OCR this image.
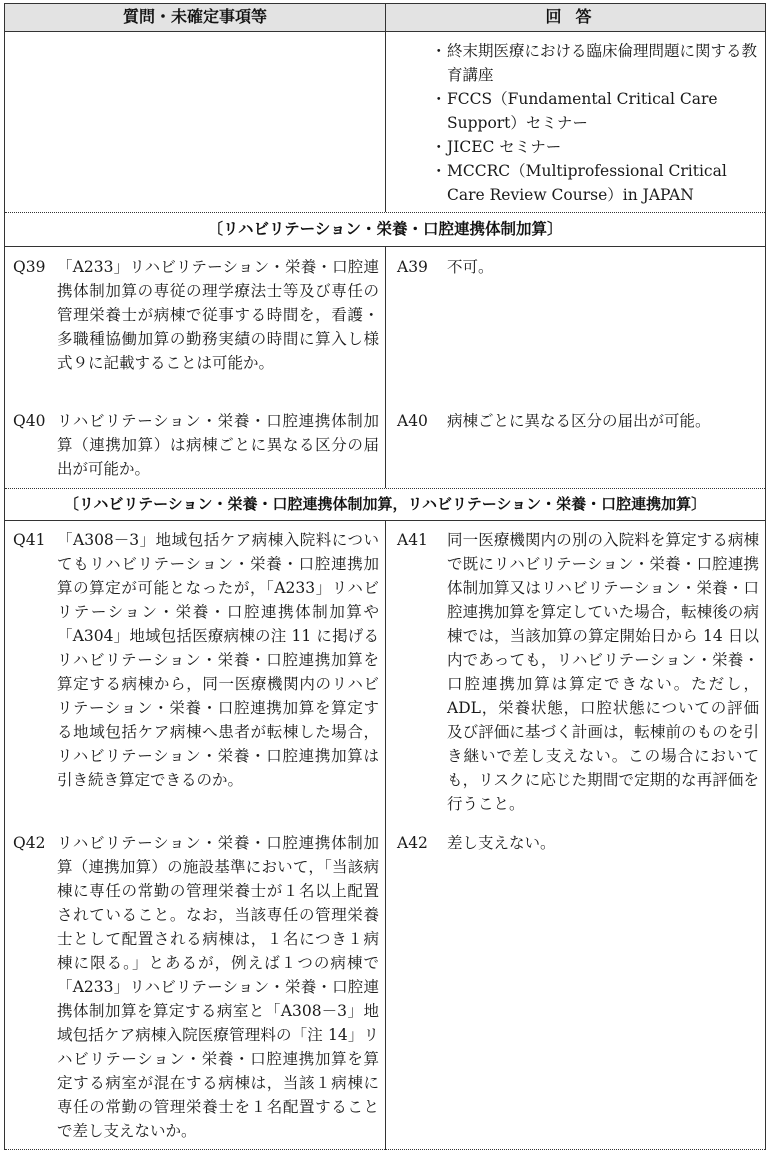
質問・未確定事項等	回答
・ 終末期医療における臨床倫理問題に関する教育講座
・ FCCS（Fundamental Critical Care Support）セミナー
・ JICEC セミナー
・ MCCRC（Multiprofessional Critical Care Review Course）in JAPAN
〔リハビリテーション・栄養・口腔連携体制加算〕
Q39 「A233」リハビリテーション・栄養・口腔連携体制加算の専従の理学療法士等及び専任の管理栄養士が病棟で従事する時間を，看護・多職種協働加算の勤務実績の時間に算入し様式９に記載することは可能か。
A39 不可。
Q40 リハビリテーション・栄養・口腔連携体制加算（連携加算）は病棟ごとに異なる区分の届出が可能か。
A40 病棟ごとに異なる区分の届出が可能。
〔リハビリテーション・栄養・口腔連携体制加算，リハビリテーション・栄養・口腔連携加算〕
Q41 「A308－3」地域包括ケア病棟入院料についてもリハビリテーション・栄養・口腔連携加算の算定が可能となったが，「A233」リハビリテーション・栄養・口腔連携体制加算や「A304」地域包括医療病棟の注 11 に掲げるリハビリテーション・栄養・口腔連携加算を算定する病棟から，同一医療機関内のリハビリテーション・栄養・口腔連携加算を算定する地域包括ケア病棟へ患者が転棟した場合，リハビリテーション・栄養・口腔連携加算は引き続き算定できるのか。
A41 同一医療機関内の別の入院料を算定する病棟で既にリハビリテーション・栄養・口腔連携体制加算又はリハビリテーション・栄養・口腔連携加算を算定していた場合，転棟後の病棟では，当該加算の算定開始日から 14 日以内であっても，リハビリテーション・栄養・口腔連携加算は算定できない。ただし，ADL，栄養状態，口腔状態についての評価及び評価に基づく計画は，転棟前のものを引き継いで差し支えない。この場合においても，リスクに応じた期間で定期的な再評価を行うこと。
Q42 リハビリテーション・栄養・口腔連携体制加算（連携加算）の施設基準において，「当該病棟に専任の常勤の管理栄養士が１名以上配置されていること。なお，当該専任の管理栄養士として配置される病棟は，１名につき１病棟に限る。」とあるが，例えば１つの病棟で「A233」リハビリテーション・栄養・口腔連携体制加算を算定する病室と「A308－3」地域包括ケア病棟入院医療管理料の「注 14」リハビリテーション・栄養・口腔連携加算を算定する病室が混在する病棟は，当該１病棟に専任の常勤の管理栄養士を１名配置することで差し支えないか。
A42 差し支えない。
